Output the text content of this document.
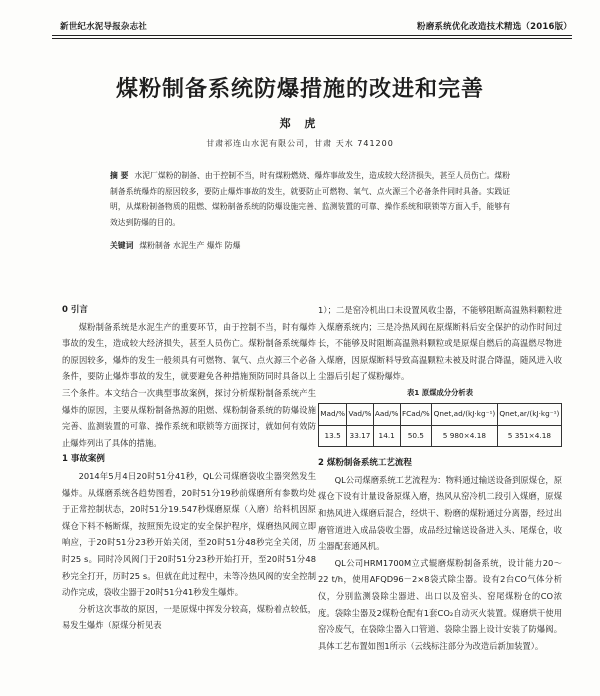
新世纪水泥导报杂志社	粉磨系统优化改造技术精选（2016版）
煤粉制备系统防爆措施的改进和完善
郑 虎
甘肃祁连山水泥有限公司，甘肃 天水 741200
摘 要 水泥厂煤粉的制备、由于控制不当，时有煤粉燃烧、爆炸事故发生，造成较大经济损失，甚至人员伤亡。煤粉制备系统爆炸的原因较多，要防止爆炸事故的发生，就要防止可燃物、氧气、点火源三个必备条件同时具备。实践证明，从煤粉制备物质的阻燃、煤粉制备系统的防爆设施完善、监测装置的可靠、操作系统和联锁等方面入手，能够有效达到防爆的目的。
关键词 煤粉制备 水泥生产 爆炸 防爆
0 引言

煤粉制备系统是水泥生产的重要环节，由于控制不当，时有爆炸事故的发生，造成较大经济损失，甚至人员伤亡。煤粉制备系统爆炸的原因较多，爆炸的发生一般须具有可燃物、氧气、点火源三个必备条件，要防止爆炸事故的发生，就要避免各种措施预防同时具备以上三个条件。本文结合一次典型事故案例，探讨分析煤粉制备系统产生爆炸的原因，主要从煤粉制备热源的阻燃、煤粉制备系统的防爆设施完善、监测装置的可靠、操作系统和联锁等方面探讨，就如何有效防止爆炸列出了具体的措施。

1 事故案例

2014年5月4日20时51分41秒，QL公司煤磨袋收尘器突然发生爆炸。从煤磨系统各趋势图看，20时51分19秒前煤磨所有参数均处于正常控制状态，20时51分19.547秒煤磨原煤（入磨）给料机因原煤仓下料不畅断煤，按照预先设定的安全保护程序，煤磨热风阀立即响应，于20时51分23秒开始关闭，至20时51分48秒完全关闭，历时25 s。同时冷风阀门于20时51分23秒开始打开，至20时51分48秒完全打开，历时25 s。但就在此过程中，未等冷热风阀的安全控制动作完成，袋收尘器于20时51分41秒发生爆炸。

分析这次事故的原因，一是原煤中挥发分较高，煤粉着点较低，易发生爆炸（原煤分析见表

1）；二是窑冷机出口未设置风收尘器，不能够阻断高温熟料颗粒进入煤磨系统内；三是冷热风阀在原煤断料后安全保护的动作时间过长，不能够及时阻断高温熟料颗粒或是原煤自燃后的高温燃尽物进入煤磨，因原煤断料导致高温颗粒未被及时混合降温，随风进入收尘器后引起了煤粉爆炸。

表1 原煤成分分析表
Mad/%	Vad/%	Aad/%	FCad/%	Qnet,ad/(kJ·kg⁻¹)	Qnet,ar/(kJ·kg⁻¹)
13.5	33.17	14.1	50.5	5 980×4.18	5 351×4.18
2 煤粉制备系统工艺流程

QL公司煤磨系统工艺流程为：物料通过输送设备到原煤仓，原煤仓下设有计量设备原煤入磨，热风从窑冷机二段引入煤磨，原煤和热风进入煤磨后混合，经烘干、粉磨的煤粉通过分离器，经过出磨管道进入成品袋收尘器，成品经过输送设备进入头、尾煤仓，收尘器配套通风机。

QL公司HRM1700M立式辊磨煤粉制备系统，设计能力20～22 t/h，使用AFQD96－2×8袋式除尘器。设有2台CO气体分析仪，分别监测袋除尘器进、出口以及窑头、窑尾煤粉仓的CO浓度。袋除尘器及2煤粉仓配有1套CO₂自动灭火装置。煤磨烘干使用窑冷废气，在袋除尘器入口管道、袋除尘器上设计安装了防爆阀。具体工艺布置如图1所示（云线标注部分为改造后新加装置）。
